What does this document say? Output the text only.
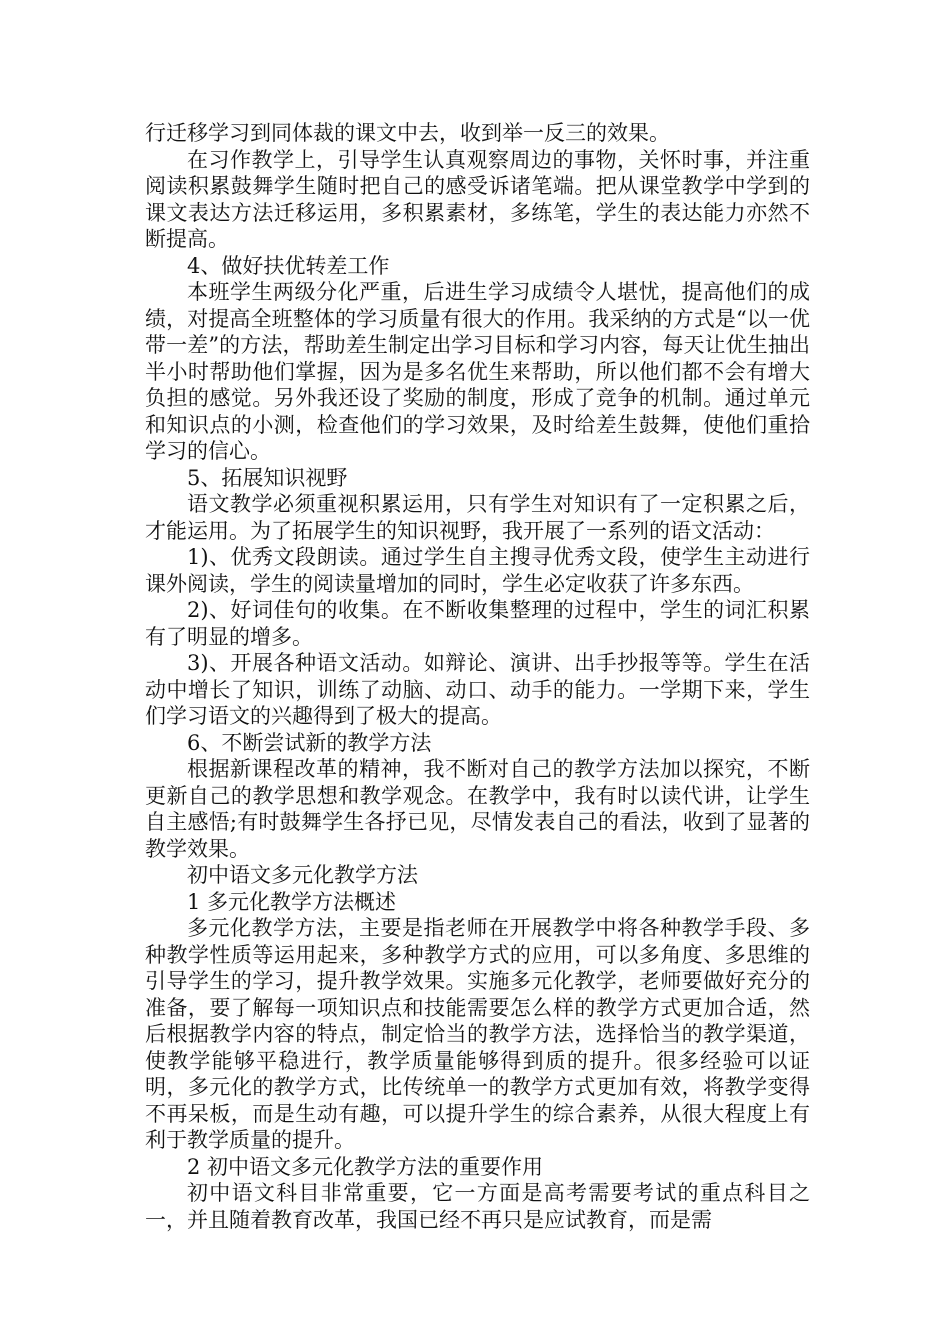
行迁移学习到同体裁的课文中去，收到举一反三的效果。

在习作教学上，引导学生认真观察周边的事物，关怀时事，并注重阅读积累鼓舞学生随时把自己的感受诉诸笔端。把从课堂教学中学到的课文表达方法迁移运用，多积累素材，多练笔，学生的表达能力亦然不断提高。

4、做好扶优转差工作

本班学生两级分化严重，后进生学习成绩令人堪忧，提高他们的成绩，对提高全班整体的学习质量有很大的作用。我采纳的方式是“以一优带一差”的方法，帮助差生制定出学习目标和学习内容，每天让优生抽出半小时帮助他们掌握，因为是多名优生来帮助，所以他们都不会有增大负担的感觉。另外我还设了奖励的制度，形成了竞争的机制。通过单元和知识点的小测，检查他们的学习效果，及时给差生鼓舞，使他们重拾学习的信心。

5、拓展知识视野

语文教学必须重视积累运用，只有学生对知识有了一定积累之后，才能运用。为了拓展学生的知识视野，我开展了一系列的语文活动：

1)、优秀文段朗读。通过学生自主搜寻优秀文段，使学生主动进行课外阅读，学生的阅读量增加的同时，学生必定收获了许多东西。

2)、好词佳句的收集。在不断收集整理的过程中，学生的词汇积累有了明显的增多。

3)、开展各种语文活动。如辩论、演讲、出手抄报等等。学生在活动中增长了知识，训练了动脑、动口、动手的能力。一学期下来，学生们学习语文的兴趣得到了极大的提高。

6、不断尝试新的教学方法

根据新课程改革的精神，我不断对自己的教学方法加以探究，不断更新自己的教学思想和教学观念。在教学中，我有时以读代讲，让学生自主感悟;有时鼓舞学生各抒已见，尽情发表自己的看法，收到了显著的教学效果。

初中语文多元化教学方法

1 多元化教学方法概述

多元化教学方法，主要是指老师在开展教学中将各种教学手段、多种教学性质等运用起来，多种教学方式的应用，可以多角度、多思维的引导学生的学习，提升教学效果。实施多元化教学，老师要做好充分的准备，要了解每一项知识点和技能需要怎么样的教学方式更加合适，然后根据教学内容的特点，制定恰当的教学方法，选择恰当的教学渠道，使教学能够平稳进行，教学质量能够得到质的提升。很多经验可以证明，多元化的教学方式，比传统单一的教学方式更加有效，将教学变得不再呆板，而是生动有趣，可以提升学生的综合素养，从很大程度上有利于教学质量的提升。

2 初中语文多元化教学方法的重要作用

初中语文科目非常重要，它一方面是高考需要考试的重点科目之一，并且随着教育改革，我国已经不再只是应试教育，而是需
